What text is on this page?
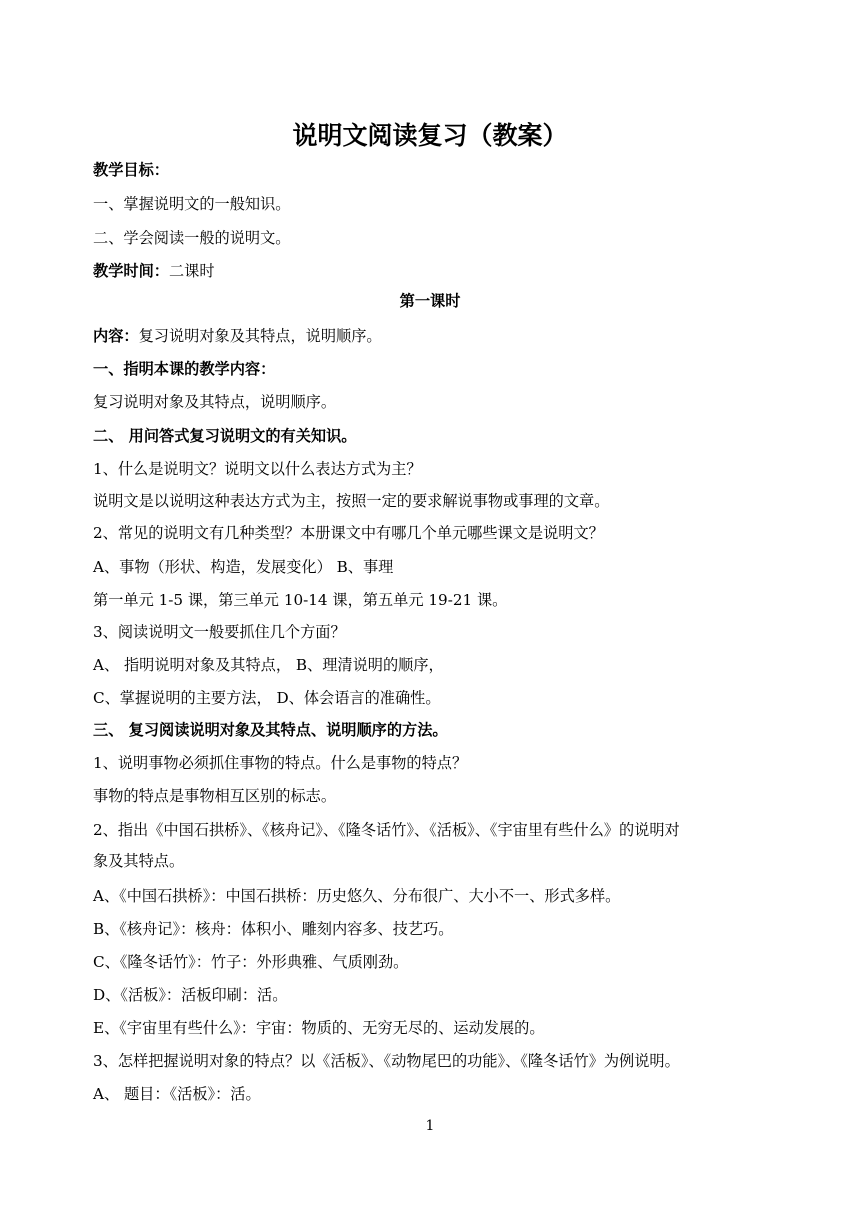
说明文阅读复习（教案）
教学目标：
一、掌握说明文的一般知识。
二、学会阅读一般的说明文。
教学时间：二课时
第一课时
内容：复习说明对象及其特点，说明顺序。
一、指明本课的教学内容：
复习说明对象及其特点，说明顺序。
二、 用问答式复习说明文的有关知识。
1、什么是说明文？说明文以什么表达方式为主？
说明文是以说明这种表达方式为主，按照一定的要求解说事物或事理的文章。
2、常见的说明文有几种类型？本册课文中有哪几个单元哪些课文是说明文？
A、事物（形状、构造，发展变化） B、事理
第一单元 1-5 课，第三单元 10-14 课，第五单元 19-21 课。
3、阅读说明文一般要抓住几个方面？
A、 指明说明对象及其特点， B、理清说明的顺序，
C、掌握说明的主要方法， D、体会语言的准确性。
三、 复习阅读说明对象及其特点、说明顺序的方法。
1、说明事物必须抓住事物的特点。什么是事物的特点？
事物的特点是事物相互区别的标志。
2、指出《中国石拱桥》、《核舟记》、《隆冬话竹》、《活板》、《宇宙里有些什么》的说明对
象及其特点。
A、《中国石拱桥》：中国石拱桥：历史悠久、分布很广、大小不一、形式多样。
B、《核舟记》：核舟：体积小、雕刻内容多、技艺巧。
C、《隆冬话竹》：竹子：外形典雅、气质刚劲。
D、《活板》：活板印刷：活。
E、《宇宙里有些什么》：宇宙：物质的、无穷无尽的、运动发展的。
3、怎样把握说明对象的特点？以《活板》、《动物尾巴的功能》、《隆冬话竹》为例说明。
A、 题目：《活板》：活。
1
